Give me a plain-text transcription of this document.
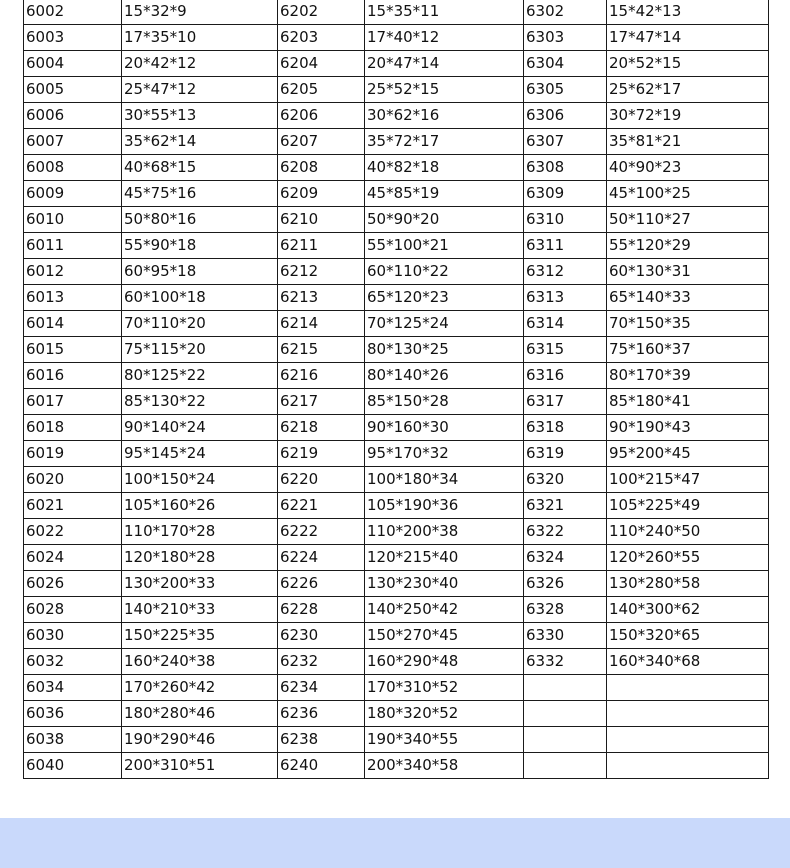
6002	15*32*9	6202	15*35*11	6302	15*42*13
6003	17*35*10	6203	17*40*12	6303	17*47*14
6004	20*42*12	6204	20*47*14	6304	20*52*15
6005	25*47*12	6205	25*52*15	6305	25*62*17
6006	30*55*13	6206	30*62*16	6306	30*72*19
6007	35*62*14	6207	35*72*17	6307	35*81*21
6008	40*68*15	6208	40*82*18	6308	40*90*23
6009	45*75*16	6209	45*85*19	6309	45*100*25
6010	50*80*16	6210	50*90*20	6310	50*110*27
6011	55*90*18	6211	55*100*21	6311	55*120*29
6012	60*95*18	6212	60*110*22	6312	60*130*31
6013	60*100*18	6213	65*120*23	6313	65*140*33
6014	70*110*20	6214	70*125*24	6314	70*150*35
6015	75*115*20	6215	80*130*25	6315	75*160*37
6016	80*125*22	6216	80*140*26	6316	80*170*39
6017	85*130*22	6217	85*150*28	6317	85*180*41
6018	90*140*24	6218	90*160*30	6318	90*190*43
6019	95*145*24	6219	95*170*32	6319	95*200*45
6020	100*150*24	6220	100*180*34	6320	100*215*47
6021	105*160*26	6221	105*190*36	6321	105*225*49
6022	110*170*28	6222	110*200*38	6322	110*240*50
6024	120*180*28	6224	120*215*40	6324	120*260*55
6026	130*200*33	6226	130*230*40	6326	130*280*58
6028	140*210*33	6228	140*250*42	6328	140*300*62
6030	150*225*35	6230	150*270*45	6330	150*320*65
6032	160*240*38	6232	160*290*48	6332	160*340*68
6034	170*260*42	6234	170*310*52		
6036	180*280*46	6236	180*320*52		
6038	190*290*46	6238	190*340*55		
6040	200*310*51	6240	200*340*58		
